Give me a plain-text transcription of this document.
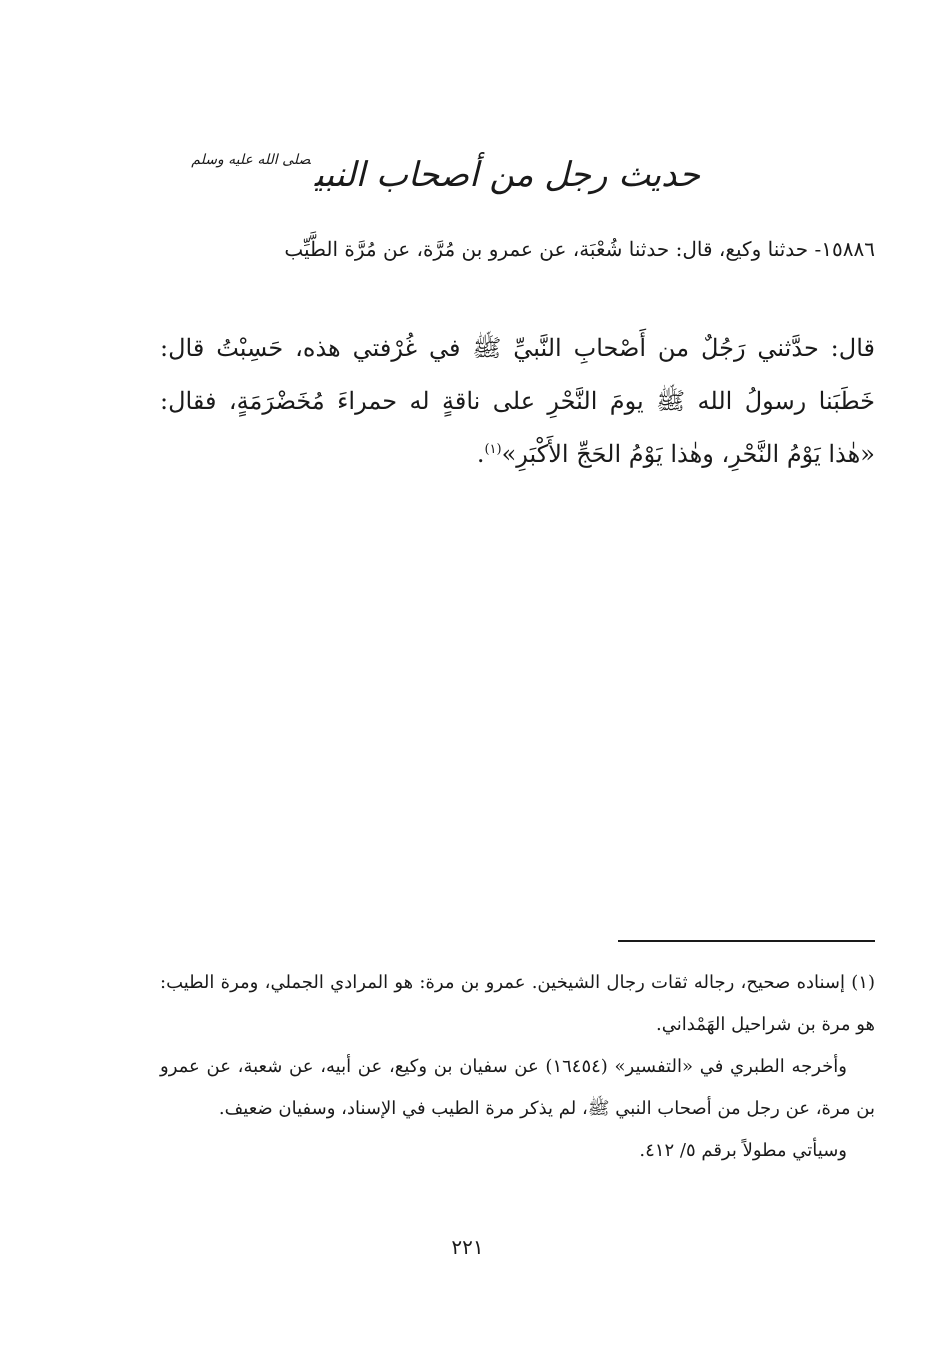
حديث رجل من أصحاب النبي$^{صلى الله عليه وسلم}$
١٥٨٨٦- حدثنا وكيع، قال: حدثنا شُعْبَة، عن عمرو بن مُرَّة، عن مُرَّة الطَّيِّب
قال: حدَّثني رَجُلٌ من أَصْحابِ النَّبيِّ ﷺ في غُرْفتي هذه، حَسِبْتُ قال: خَطَبَنا رسولُ الله ﷺ يومَ النَّحْرِ على ناقةٍ له حمراءَ مُخَضْرَمَةٍ، فقال: «هٰذا يَوْمُ النَّحْرِ، وهٰذا يَوْمُ الحَجِّ الأَكْبَرِ»$^{(١)}$.

(١) إسناده صحيح، رجاله ثقات رجال الشيخين. عمرو بن مرة: هو المرادي الجملي، ومرة الطيب: هو مرة بن شراحيل الهَمْداني.

وأخرجه الطبري في «التفسير» (١٦٤٥٤) عن سفيان بن وكيع، عن أبيه، عن شعبة، عن عمرو بن مرة، عن رجل من أصحاب النبي ﷺ، لم يذكر مرة الطيب في الإسناد، وسفيان ضعيف.

وسيأتي مطولاً برقم ٥/ ٤١٢.

٢٢١
